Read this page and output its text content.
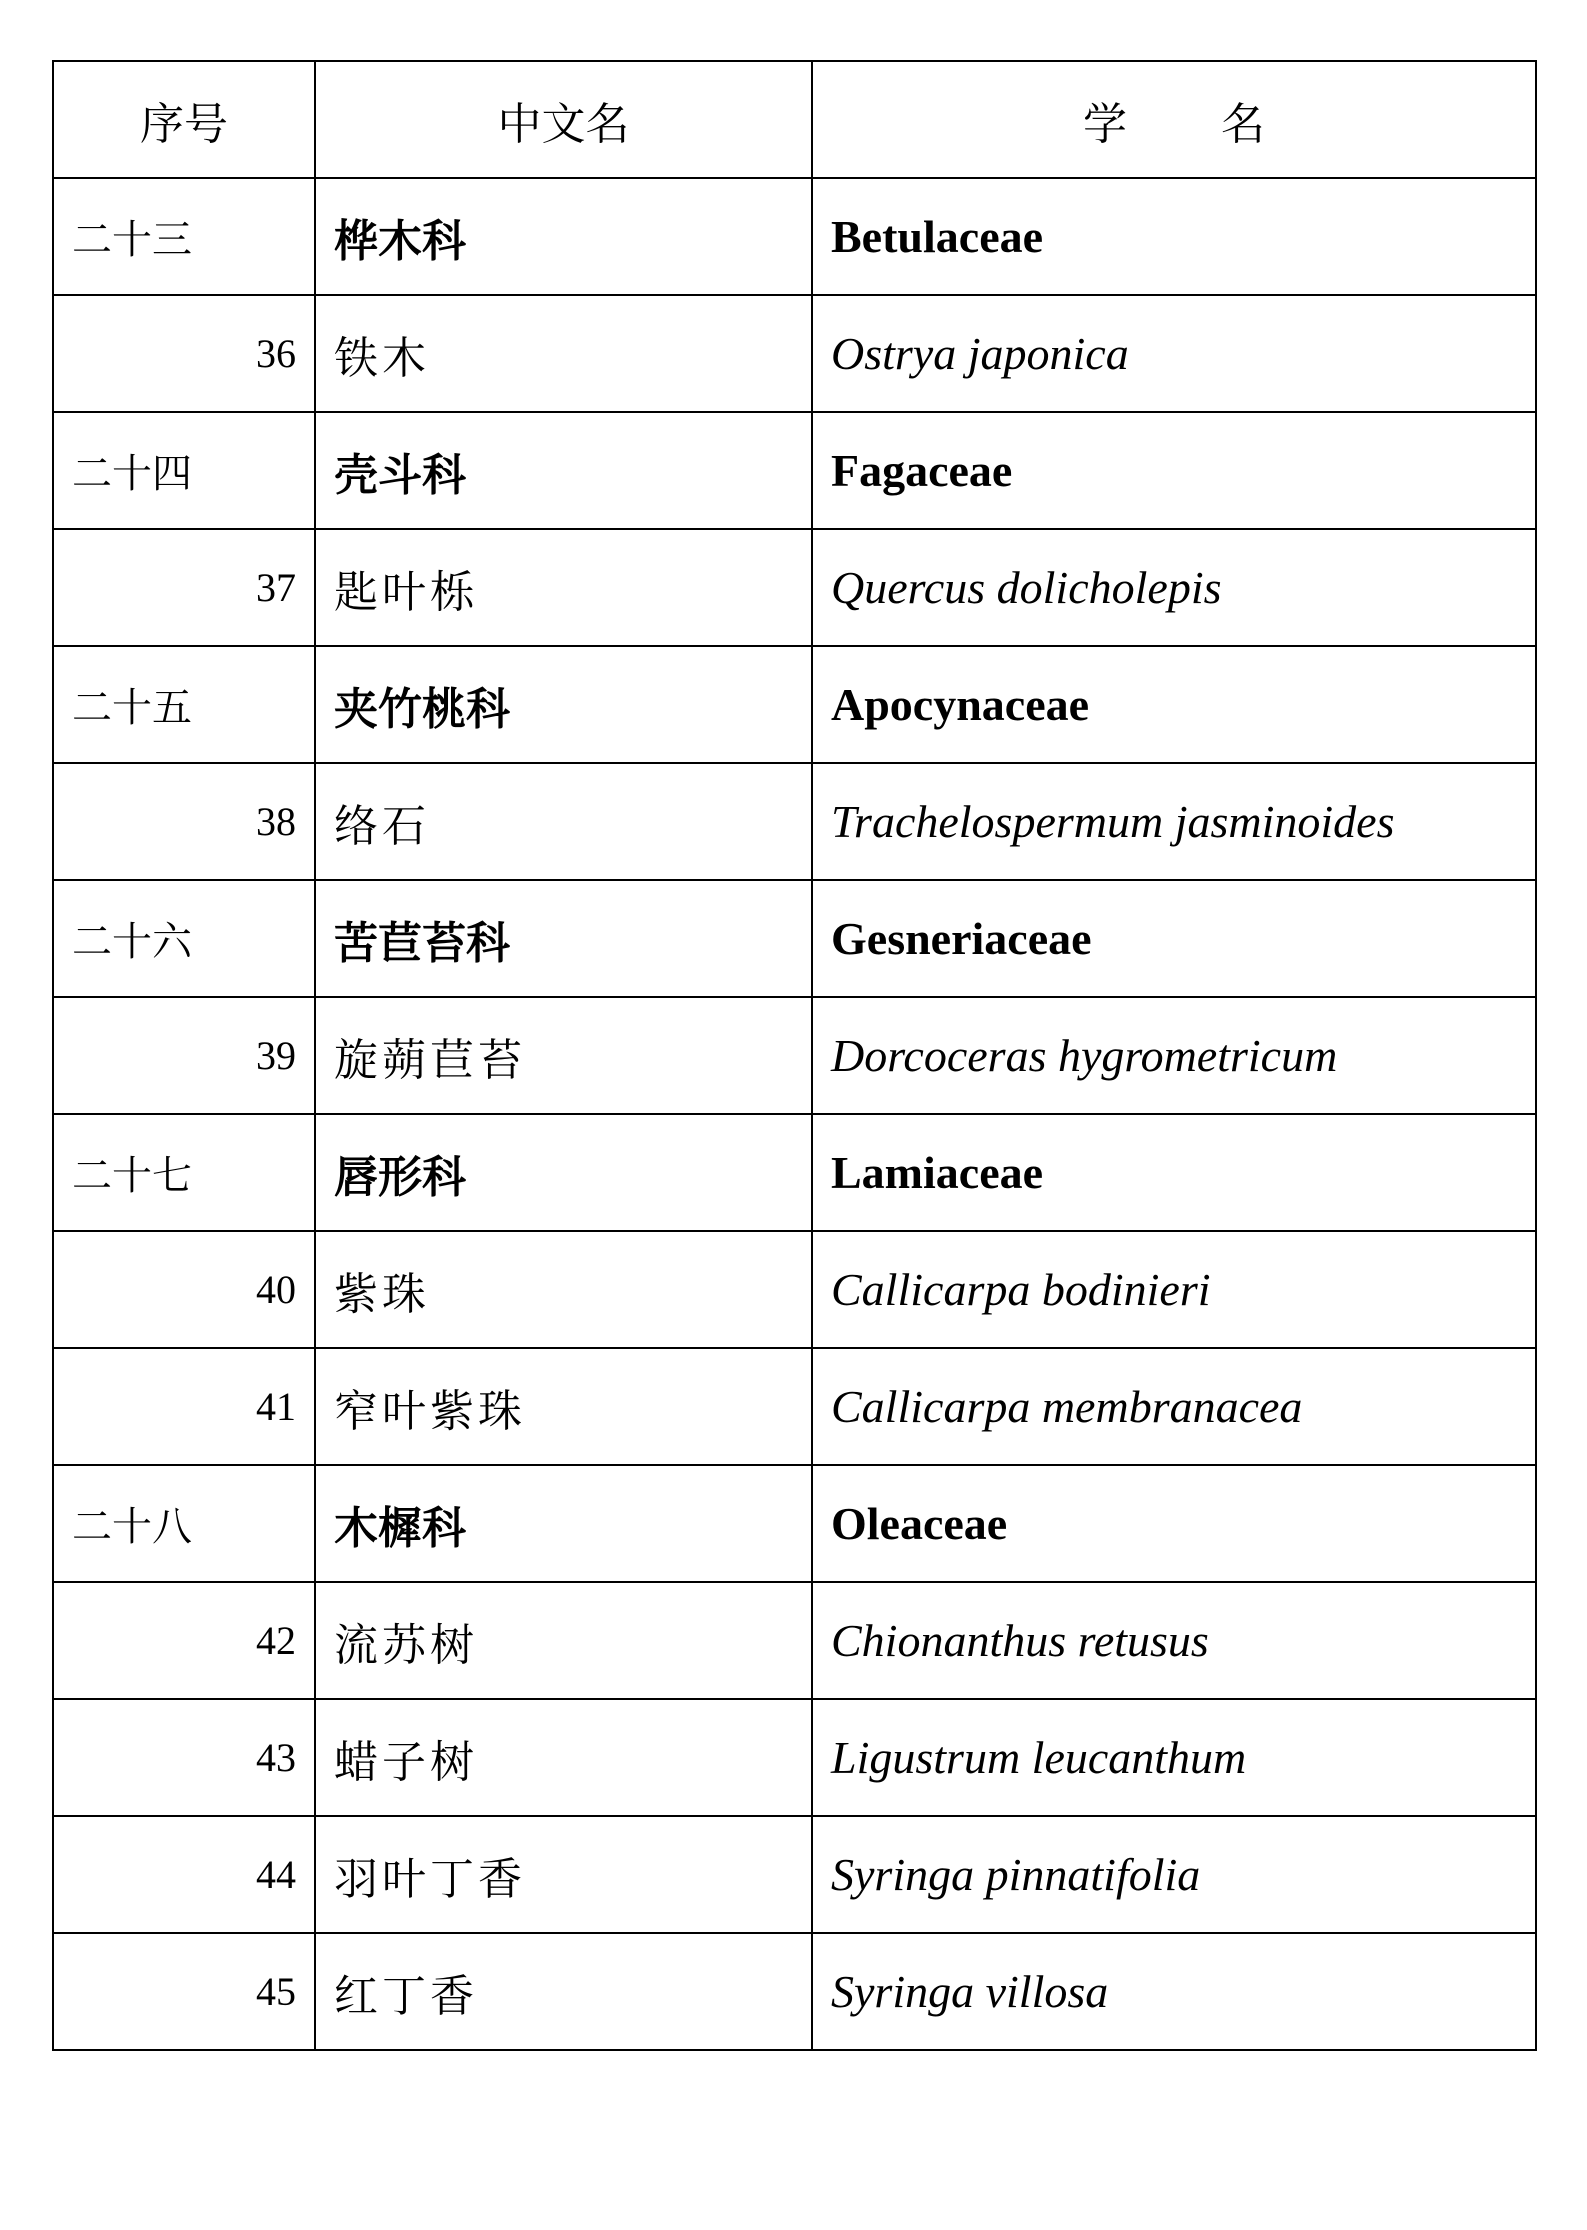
序号	中文名	学 名
二十三	桦木科	Betulaceae
36	铁木	Ostrya japonica
二十四	壳斗科	Fagaceae
37	匙叶栎	Quercus dolicholepis
二十五	夹竹桃科	Apocynaceae
38	络石	Trachelospermum jasminoides
二十六	苦苣苔科	Gesneriaceae
39	旋蒴苣苔	Dorcoceras hygrometricum
二十七	唇形科	Lamiaceae
40	紫珠	Callicarpa bodinieri
41	窄叶紫珠	Callicarpa membranacea
二十八	木樨科	Oleaceae
42	流苏树	Chionanthus retusus
43	蜡子树	Ligustrum leucanthum
44	羽叶丁香	Syringa pinnatifolia
45	红丁香	Syringa villosa
